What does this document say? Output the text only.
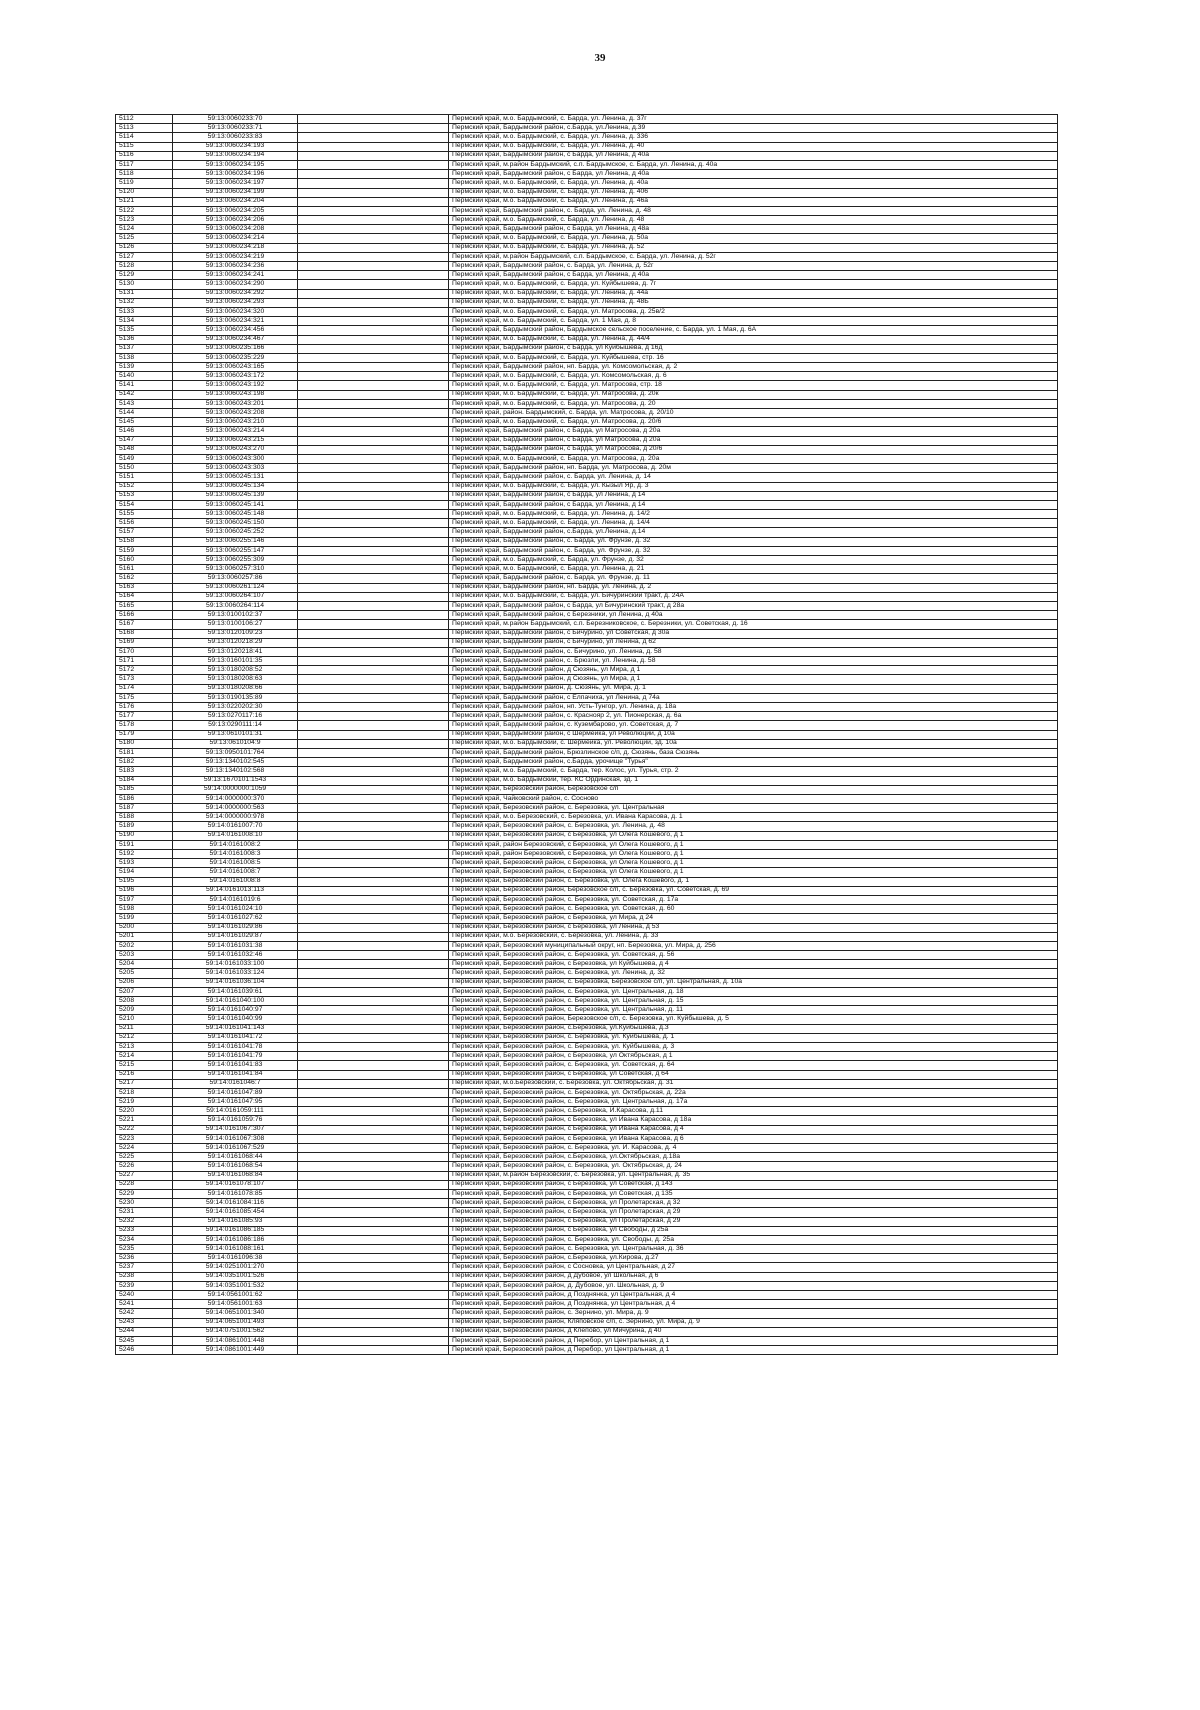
39
5112	59:13:0060233:70		Пермский край, м.о. Бардымский, с. Барда, ул. Ленина, д. 37г
5113	59:13:0060233:71		Пермский край, Бардымский район, с.Барда, ул.Ленина, д.39
5114	59:13:0060233:83		Пермский край, м.о. Бардымский, с. Барда, ул. Ленина, д. 336
5115	59:13:0060234:193		Пермский край, м.о. Бардымский, с. Барда, ул. Ленина, д. 40
5116	59:13:0060234:194		Пермский край, Бардымский район, с Барда, ул Ленина, д 40а
5117	59:13:0060234:195		Пермский край, м.район Бардымский, с.п. Бардымское, с. Барда, ул. Ленина, д. 40а
5118	59:13:0060234:196		Пермский край, Бардымский район, с Барда, ул Ленина, д 40а
5119	59:13:0060234:197		Пермский край, м.о. Бардымский, с. Барда, ул. Ленина, д. 40а
5120	59:13:0060234:199		Пермский край, м.о. Бардымский, с. Барда, ул. Ленина, д. 406
5121	59:13:0060234:204		Пермский край, м.о. Бардымский, с. Барда, ул. Ленина, д. 46а
5122	59:13:0060234:205		Пермский край, Бардымский район, с. Барда, ул. Ленина, д. 48
5123	59:13:0060234:206		Пермский край, м.о. Бардымский, с. Барда, ул. Ленина, д. 48
5124	59:13:0060234:208		Пермский край, Бардымский район, с Барда, ул Ленина, д 48а
5125	59:13:0060234:214		Пермский край, м.о. Бардымский, с. Барда, ул. Ленина, д. 50а
5126	59:13:0060234:218		Пермский край, м.о. Бардымский, с. Барда, ул. Ленина, д. 52
5127	59:13:0060234:219		Пермский край, м.район Бардымский, с.п. Бардымское, с. Барда, ул. Ленина, д. 52г
5128	59:13:0060234:236		Пермский край, Бардымский район, с. Барда, ул. Ленина, д. 52г
5129	59:13:0060234:241		Пермский край, Бардымский район, с Барда, ул Ленина, д 40а
5130	59:13:0060234:290		Пермский край, м.о. Бардымский, с. Барда, ул. Куйбышева, д. 7г
5131	59:13:0060234:292		Пермский край, м.о. Бардымский, с. Барда, ул. Ленина, д. 44а
5132	59:13:0060234:293		Пермский край, м.о. Бардымский, с. Барда, ул. Ленина, д. 48Б
5133	59:13:0060234:320		Пермский край, м.о. Бардымский, с. Барда, ул. Матросова, д. 25в/2
5134	59:13:0060234:321		Пермский край, м.о. Бардымский, с. Барда, ул. 1 Мая, д. 8
5135	59:13:0060234:456		Пермский край, Бардымский район, Бардымское сельское поселение, с. Барда, ул. 1 Мая, д. 6А
5136	59:13:0060234:467		Пермский край, м.о. Бардымский, с. Барда, ул. Ленина, д. 44/4
5137	59:13:0060235:166		Пермский край, Бардымский район, с Барда, ул Куйбышева, д 16д
5138	59:13:0060235:229		Пермский край, м.о. Бардымский, с. Барда, ул. Куйбышева, стр. 16
5139	59:13:0060243:165		Пермский край, Бардымский район, нп. Барда, ул. Комсомольская, д. 2
5140	59:13:0060243:172		Пермский край, м.о. Бардымский, с. Барда, ул. Комсомольская, д. 6
5141	59:13:0060243:192		Пермский край, м.о. Бардымский, с. Барда, ул. Матросова, стр. 18
5142	59:13:0060243:198		Пермский край, м.о. Бардымский, с. Барда, ул. Матросова, д. 20к
5143	59:13:0060243:201		Пермский край, м.о. Бардымский, с. Барда, ул. Матросова, д. 20
5144	59:13:0060243:208		Пермский край, район. Бардымский, с. Барда, ул. Матросова, д. 20/10
5145	59:13:0060243:210		Пермский край, м.о. Бардымский, с. Барда, ул. Матросова, д. 20/6
5146	59:13:0060243:214		Пермский край, Бардымский район, с Барда, ул Матросова, д 20а
5147	59:13:0060243:215		Пермский край, Бардымский район, с Барда, ул Матросова, д 20а
5148	59:13:0060243:270		Пермский край, Бардымский район, с Барда, ул Матросова, д 20/6
5149	59:13:0060243:300		Пермский край, м.о. Бардымский, с. Барда, ул. Матросова, д. 20а
5150	59:13:0060243:303		Пермский край, Бардымский район, нп. Барда, ул. Матросова, д. 20м
5151	59:13:0060245:131		Пермский край, Бардымский район, с. Барда, ул. Ленина, д. 14
5152	59:13:0060245:134		Пермский край, м.о. Бардымский, с. Барда, ул. Кызыл Яр, д. 3
5153	59:13:0060245:139		Пермский край, Бардымский район, с Барда, ул Ленина, д 14
5154	59:13:0060245:141		Пермский край, Бардымский район, с Барда, ул Ленина, д 14
5155	59:13:0060245:148		Пермский край, м.о. Бардымский, с. Барда, ул. Ленина, д. 14/2
5156	59:13:0060245:150		Пермский край, м.о. Бардымский, с. Барда, ул. Ленина, д. 14/4
5157	59:13:0060245:252		Пермский край, Бардымский район, с.Барда, ул.Ленина, д.14
5158	59:13:0060255:146		Пермский край, Бардымский район, с. Барда, ул. Фрунзе, д. 32
5159	59:13:0060255:147		Пермский край, Бардымский район, с. Барда, ул. Фрунзе, д. 32
5160	59:13:0060255:309		Пермский край, м.о. Бардымский, с. Барда, ул. Фрунзе, д. 32
5161	59:13:0060257:310		Пермский край, м.о. Бардымский, с. Барда, ул. Ленина, д. 21
5162	59:13:0060257:86		Пермский край, Бардымский район, с. Барда, ул. Фрунзе, д. 11
5163	59:13:0060261:124		Пермский край, Бардымский район, нп. Барда, ул. Ленина, д. 2
5164	59:13:0060264:107		Пермский край, м.о. Бардымский, с. Барда, ул. Бичуринский тракт, д. 24А
5165	59:13:0060264:114		Пермский край, Бардымский район, с Барда, ул Бичуринский тракт, д 28а
5166	59:13:0100102:37		Пермский край, Бардымский район, с Березники, ул Ленина, д 40а
5167	59:13:0100106:27		Пермский край, м.район Бардымский, с.п. Березниковское, с. Березники, ул. Советская, д. 16
5168	59:13:0120109:23		Пермский край, Бардымский район, с Бичурино, ул Советская, д 30а
5169	59:13:0120218:29		Пермский край, Бардымский район, с Бичурино, ул Ленина, д 62
5170	59:13:0120218:41		Пермский край, Бардымский район, с. Бичурино, ул. Ленина, д. 58
5171	59:13:0160101:35		Пермский край, Бардымский район, с. Брюзли, ул. Ленина, д. 58
5172	59:13:0180208:52		Пермский край, Бардымский район, д Сюзянь, ул Мира, д 1
5173	59:13:0180208:63		Пермский край, Бардымский район, д Сюзянь, ул Мира, д 1
5174	59:13:0180208:66		Пермский край, Бардымский район, д. Сюзянь, ул. Мира, д. 1
5175	59:13:0190135:89		Пермский край, Бардымский район, с Елпачиха, ул Ленина, д 74а
5176	59:13:0220202:30		Пермский край, Бардымский район, нп. Усть-Тунгор, ул. Ленина, д. 18а
5177	59:13:0270117:16		Пермский край, Бардымский район, с. Краснояр 2, ул. Пионерская, д. 6а
5178	59:13:0290111:14		Пермский край, Бардымский район, с. Кузембарово, ул. Советская, д. 7
5179	59:13:0610101:31		Пермский край, Бардымский район, с Шермейка, ул Революции, д 10а
5180	59:13:0610104:9		Пермский край, м.о. Бардымский, с. Шермейка, ул. Революции, зд. 10а
5181	59:13:0950101:764		Пермский край, Бардымский район, Брюзлинское с/п, д. Сюзянь, база Сюзянь
5182	59:13:1340102:545		Пермский край, Бардымский район, с.Барда, урочище "Турья"
5183	59:13:1340102:568		Пермский край, м.о. Бардымский, с. Барда, тер. Колос, ул. Турья, стр. 2
5184	59:13:1670101:1543		Пермский край, м.о. Бардымский, тер. КС Ординская, зд. 1
5185	59:14:0000000:1059		Пермский край, Березовский район, Березовское с/п
5186	59:14:0000000:370		Пермский край, Чайковский район, с. Сосново
5187	59:14:0000000:563		Пермский край, Березовский район, с. Березовка, ул. Центральная
5188	59:14:0000000:978		Пермский край, м.о. Березовский, с. Березовка, ул. Ивана Карасова, д. 1
5189	59:14:0161007:70		Пермский край, Березовский район, с. Березовка, ул. Ленина, д. 48
5190	59:14:0161008:10		Пермский край, Березовский район, с Березовка, ул Олега Кошевого, д 1
5191	59:14:0161008:2		Пермский край, район Березовский, с Березовка, ул Олега Кошевого, д 1
5192	59:14:0161008:3		Пермский край, район Березовский, с Березовка, ул Олега Кошевого, д 1
5193	59:14:0161008:5		Пермский край, Березовский район, с Березовка, ул Олега Кошевого, д 1
5194	59:14:0161008:7		Пермский край, Березовский район, с Березовка, ул Олега Кошевого, д 1
5195	59:14:0161008:8		Пермский край, Березовский район, с. Березовка, ул. Олега Кошевого, д. 1
5196	59:14:0161013:113		Пермский край, Березовский район, Березовское с/п, с. Березовка, ул. Советская, д. 69
5197	59:14:0161019:6		Пермский край, Березовский район, с. Березовка, ул. Советская, д. 17а
5198	59:14:0161024:10		Пермский край, Березовский район, с. Березовка, ул. Советская, д. 60
5199	59:14:0161027:62		Пермский край, Березовский район, с Березовка, ул Мира, д 24
5200	59:14:0161029:86		Пермский край, Березовский район, с Березовка, ул Ленина, д 53
5201	59:14:0161029:87		Пермский край, м.о. Березовский, с. Березовка, ул. Ленина, д. 33
5202	59:14:0161031:38		Пермский край, Березовский муниципальный округ, нп. Березовка, ул. Мира, д. 256
5203	59:14:0161032:46		Пермский край, Березовский район, с. Березовка, ул. Советская, д. 56
5204	59:14:0161033:100		Пермский край, Березовский район, с Березовка, ул Куйбышева, д 4
5205	59:14:0161033:124		Пермский край, Березовский район, с. Березовка, ул. Ленина, д. 32
5206	59:14:0161036:104		Пермский край, Березовский район, с. Березовка, Березовское с/п, ул. Центральная, д. 10а
5207	59:14:0161039:61		Пермский край, Березовский район, с. Березовка, ул. Центральная, д. 18
5208	59:14:0161040:100		Пермский край, Березовский район, с. Березовка, ул. Центральная, д. 15
5209	59:14:0161040:97		Пермский край, Березовский район, с. Березовка, ул. Центральная, д. 11
5210	59:14:0161040:99		Пермский край, Березовский район, Березовское с/п, с. Березовка, ул. Куйбышева, д. 5
5211	59:14:0161041:143		Пермский край, Березовский район, с.Березовка, ул.Куйбышева, д.3
5212	59:14:0161041:72		Пермский край, Березовский район, с. Березовка, ул. Куйбышева, д. 1
5213	59:14:0161041:78		Пермский край, Березовский район, с. Березовка, ул. Куйбышева, д. 3
5214	59:14:0161041:79		Пермский край, Березовский район, с Березовка, ул Октябрьская, д 1
5215	59:14:0161041:83		Пермский край, Березовский район, с. Березовка, ул. Советская, д. 64
5216	59:14:0161041:84		Пермский край, Березовский район, с Березовка, ул Советская, д 64
5217	59:14:0161046:7		Пермский край, м.о.Березовский, с. Березовка, ул. Октябрьская, д. 31
5218	59:14:0161047:89		Пермский край, Березовский район, с. Березовка, ул. Октябрьская, д. 22а
5219	59:14:0161047:95		Пермский край, Березовский район, с. Березовка, ул. Центральная, д. 17а
5220	59:14:0161059:111		Пермский край, Березовский район, с.Березовка, И.Карасова, д.11
5221	59:14:0161059:76		Пермский край, Березовский район, с Березовка, ул Ивана Карасова, д 18а
5222	59:14:0161067:307		Пермский край, Березовский район, с Березовка, ул Ивана Карасова, д 4
5223	59:14:0161067:308		Пермский край, Березовский район, с Березовка, ул Ивана Карасова, д 6
5224	59:14:0161067:529		Пермский край, Березовский район, с. Березовка, ул. И. Карасова, д. 4
5225	59:14:0161068:44		Пермский край, Березовский район, с.Березовка, ул.Октябрьская, д.18а
5226	59:14:0161068:54		Пермский край, Березовский район, с. Березовка, ул. Октябрьская, д. 24
5227	59:14:0161068:84		Пермский край, м.район Березовский, с. Березовка, ул. Центральная, д. 35
5228	59:14:0161078:107		Пермский край, Березовский район, с Березовка, ул Советская, д 143
5229	59:14:0161078:85		Пермский край, Березовский район, с Березовка, ул Советская, д 135
5230	59:14:0161084:116		Пермский край, Березовский район, с Березовка, ул Пролетарская, д 32
5231	59:14:0161085:454		Пермский край, Березовский район, с Березовка, ул Пролетарская, д 29
5232	59:14:0161085:93		Пермский край, Березовский район, с Березовка, ул Пролетарская, д 29
5233	59:14:0161086:185		Пермский край, Березовский район, с Березовка, ул Свободы, д 25а
5234	59:14:0161086:186		Пермский край, Березовский район, с. Березовка, ул. Свободы, д. 25а
5235	59:14:0161088:161		Пермский край, Березовский район, с. Березовка, ул. Центральная, д. 36
5236	59:14:0161096:38		Пермский край, Березовский район, с.Березовка, ул.Кирова, д.27
5237	59:14:0251001:270		Пермский край, Березовский район, с Сосновка, ул Центральная, д 27
5238	59:14:0351001:526		Пермский край, Березовский район, д Дубовое, ул Школьная, д 6
5239	59:14:0351001:532		Пермский край, Березовский район, д. Дубовое, ул. Школьная, д. 9
5240	59:14:0561001:62		Пермский край, Березовский район, д Позднянка, ул Центральная, д 4
5241	59:14:0561001:63		Пермский край, Березовский район, д Позднянка, ул Центральная, д 4
5242	59:14:0651001:340		Пермский край, Березовский район, с. Зернино, ул. Мира, д. 9
5243	59:14:0651001:493		Пермский край, Березовский район, Кляповское с/п, с. Зернино, ул. Мира, д. 9
5244	59:14:0751001:562		Пермский край, Березовский район, д Клепово, ул Мичурина, д 40
5245	59:14:0861001:448		Пермский край, Березовский район, д Перебор, ул Центральная, д 1
5246	59:14:0861001:449		Пермский край, Березовский район, д Перебор, ул Центральная, д 1
